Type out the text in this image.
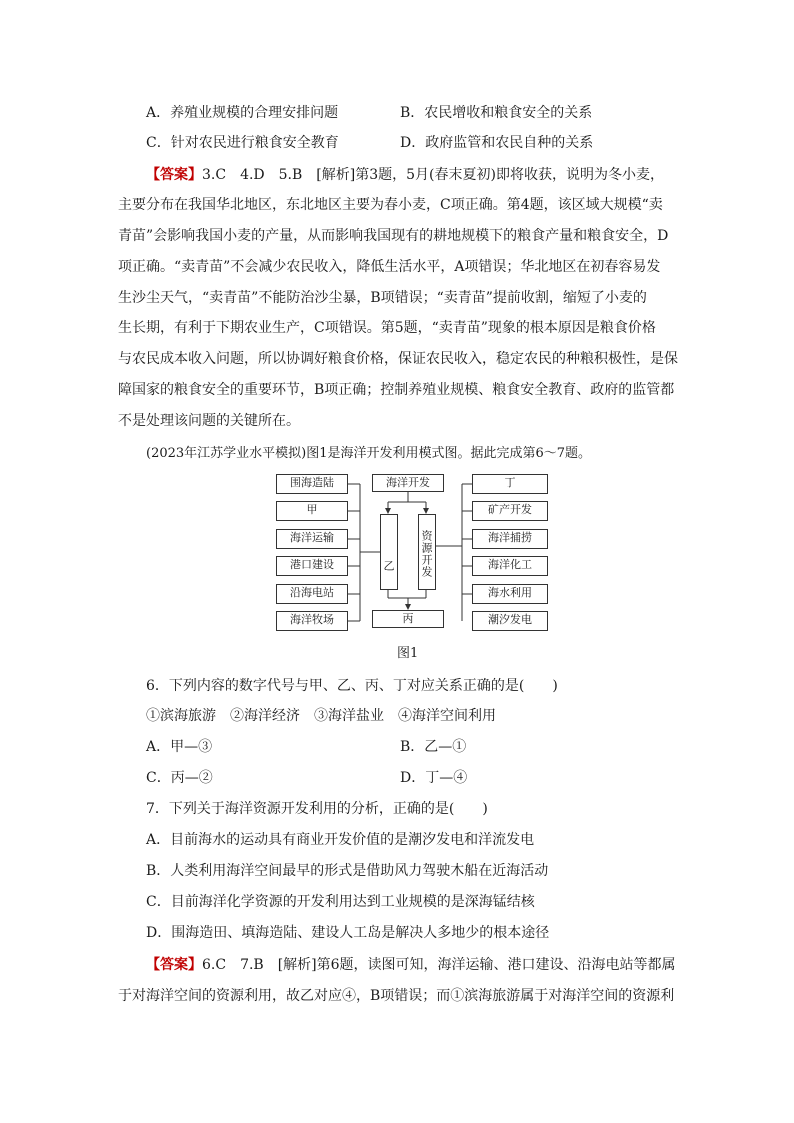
A．养殖业规模的合理安排问题	B．农民增收和粮食安全的关系
C．针对农民进行粮食安全教育	D．政府监管和农民自种的关系
【答案】3.C　4.D　5.B　[解析]第3题，5月(春末夏初)即将收获，说明为冬小麦，
主要分布在我国华北地区，东北地区主要为春小麦，C项正确。第4题，该区域大规模“卖
青苗”会影响我国小麦的产量，从而影响我国现有的耕地规模下的粮食产量和粮食安全，D
项正确。“卖青苗”不会减少农民收入，降低生活水平，A项错误；华北地区在初春容易发
生沙尘天气，“卖青苗”不能防治沙尘暴，B项错误；“卖青苗”提前收割，缩短了小麦的
生长期，有利于下期农业生产，C项错误。第5题，“卖青苗”现象的根本原因是粮食价格
与农民成本收入问题，所以协调好粮食价格，保证农民收入，稳定农民的种粮积极性，是保
障国家的粮食安全的重要环节，B项正确；控制养殖业规模、粮食安全教育、政府的监管都
不是处理该问题的关键所在。
(2023年江苏学业水平模拟)图1是海洋开发利用模式图。据此完成第6～7题。
围海造陆
甲
海洋运输
港口建设
沿海电站
海洋牧场
海洋开发
乙 资源开发
丙
丁
矿产开发
海洋捕捞
海洋化工
海水利用
潮汐发电
图1
6．下列内容的数字代号与甲、乙、丙、丁对应关系正确的是(　　)
①滨海旅游　②海洋经济　③海洋盐业　④海洋空间利用
A．甲—③	B．乙—①
C．丙—②	D．丁—④
7．下列关于海洋资源开发利用的分析，正确的是(　　)
A．目前海水的运动具有商业开发价值的是潮汐发电和洋流发电
B．人类利用海洋空间最早的形式是借助风力驾驶木船在近海活动
C．目前海洋化学资源的开发利用达到工业规模的是深海锰结核
D．围海造田、填海造陆、建设人工岛是解决人多地少的根本途径
【答案】6.C　7.B　[解析]第6题，读图可知，海洋运输、港口建设、沿海电站等都属
于对海洋空间的资源利用，故乙对应④，B项错误；而①滨海旅游属于对海洋空间的资源利
